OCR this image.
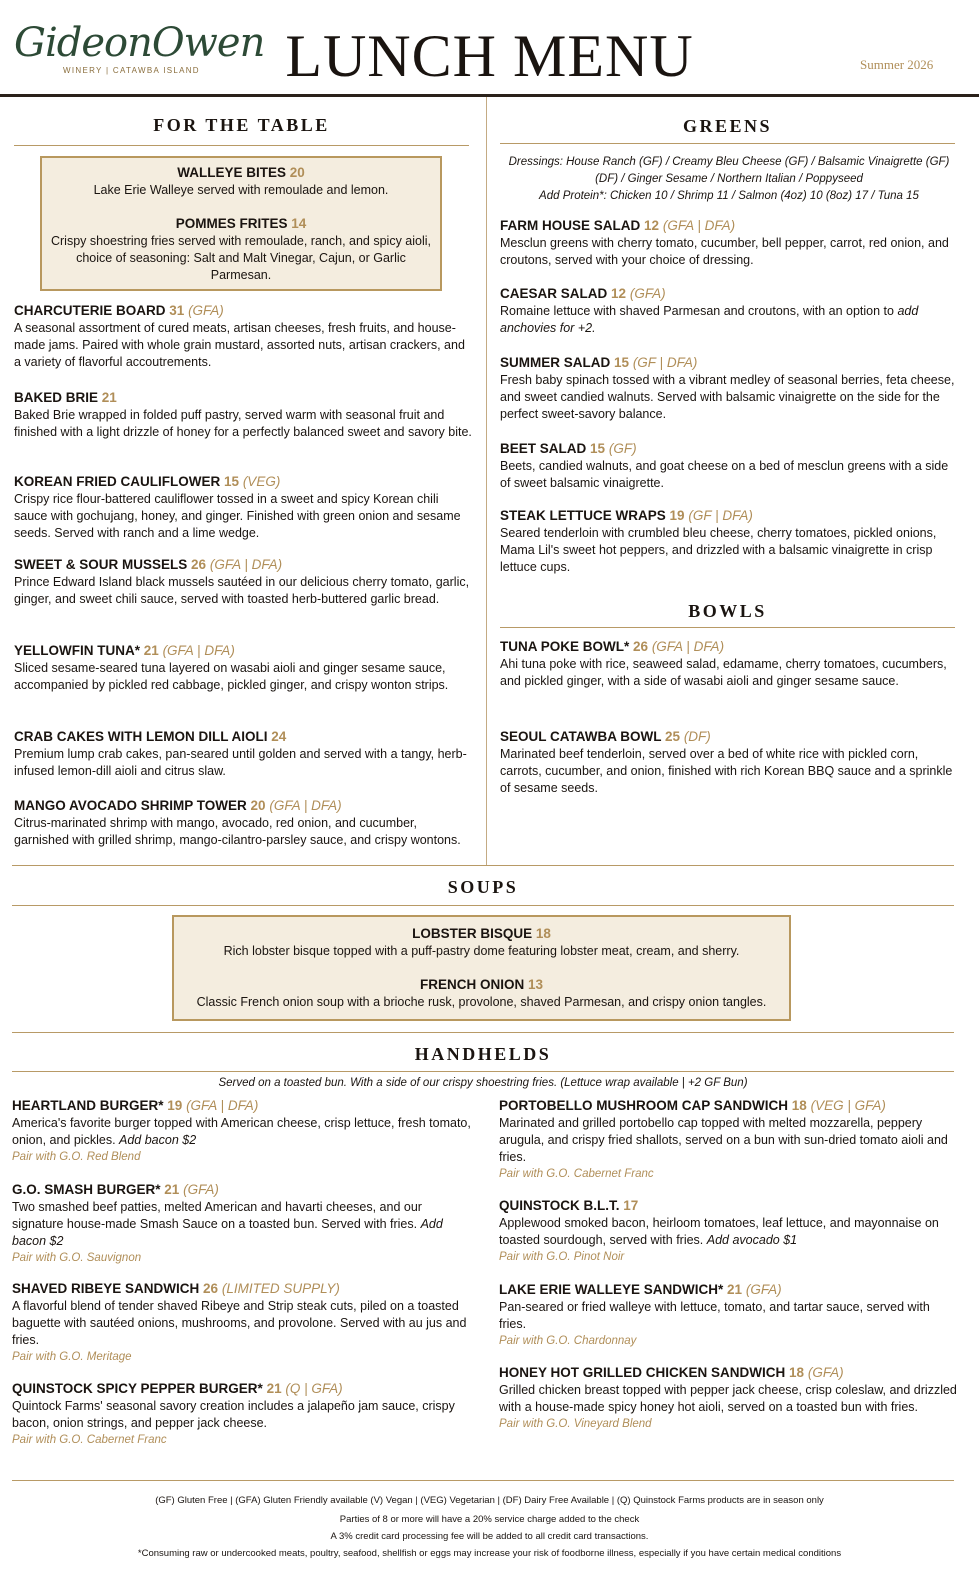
GideonOwen
WINERY | CATAWBA ISLAND	LUNCH MENU	Summer 2026
FOR THE TABLE
WALLEYE BITES 20
Lake Erie Walleye served with remoulade and lemon.
POMMES FRITES 14
Crispy shoestring fries served with remoulade, ranch, and spicy aioli, choice of seasoning: Salt and Malt Vinegar, Cajun, or Garlic Parmesan.
CHARCUTERIE BOARD 31 (GFA)
A seasonal assortment of cured meats, artisan cheeses, fresh fruits, and house-made jams. Paired with whole grain mustard, assorted nuts, artisan crackers, and a variety of flavorful accoutrements.
BAKED BRIE 21
Baked Brie wrapped in folded puff pastry, served warm with seasonal fruit and finished with a light drizzle of honey for a perfectly balanced sweet and savory bite.
KOREAN FRIED CAULIFLOWER 15 (VEG)
Crispy rice flour-battered cauliflower tossed in a sweet and spicy Korean chili sauce with gochujang, honey, and ginger. Finished with green onion and sesame seeds. Served with ranch and a lime wedge.
SWEET & SOUR MUSSELS 26 (GFA | DFA)
Prince Edward Island black mussels sautéed in our delicious cherry tomato, garlic, ginger, and sweet chili sauce, served with toasted herb-buttered garlic bread.
YELLOWFIN TUNA* 21 (GFA | DFA)
Sliced sesame-seared tuna layered on wasabi aioli and ginger sesame sauce, accompanied by pickled red cabbage, pickled ginger, and crispy wonton strips.
CRAB CAKES WITH LEMON DILL AIOLI 24
Premium lump crab cakes, pan-seared until golden and served with a tangy, herb-infused lemon-dill aioli and citrus slaw.
MANGO AVOCADO SHRIMP TOWER 20 (GFA | DFA)
Citrus-marinated shrimp with mango, avocado, red onion, and cucumber, garnished with grilled shrimp, mango-cilantro-parsley sauce, and crispy wontons.
GREENS
Dressings: House Ranch (GF) / Creamy Bleu Cheese (GF) / Balsamic Vinaigrette (GF)
(DF) / Ginger Sesame / Northern Italian / Poppyseed
Add Protein*: Chicken 10 / Shrimp 11 / Salmon (4oz) 10 (8oz) 17 / Tuna 15
FARM HOUSE SALAD 12 (GFA | DFA)
Mesclun greens with cherry tomato, cucumber, bell pepper, carrot, red onion, and croutons, served with your choice of dressing.
CAESAR SALAD 12 (GFA)
Romaine lettuce with shaved Parmesan and croutons, with an option to add anchovies for +2.
SUMMER SALAD 15 (GF | DFA)
Fresh baby spinach tossed with a vibrant medley of seasonal berries, feta cheese, and sweet candied walnuts. Served with balsamic vinaigrette on the side for the perfect sweet-savory balance.
BEET SALAD 15 (GF)
Beets, candied walnuts, and goat cheese on a bed of mesclun greens with a side of sweet balsamic vinaigrette.
STEAK LETTUCE WRAPS 19 (GF | DFA)
Seared tenderloin with crumbled bleu cheese, cherry tomatoes, pickled onions, Mama Lil's sweet hot peppers, and drizzled with a balsamic vinaigrette in crisp lettuce cups.
BOWLS
TUNA POKE BOWL* 26 (GFA | DFA)
Ahi tuna poke with rice, seaweed salad, edamame, cherry tomatoes, cucumbers, and pickled ginger, with a side of wasabi aioli and ginger sesame sauce.
SEOUL CATAWBA BOWL 25 (DF)
Marinated beef tenderloin, served over a bed of white rice with pickled corn, carrots, cucumber, and onion, finished with rich Korean BBQ sauce and a sprinkle of sesame seeds.
SOUPS
LOBSTER BISQUE 18
Rich lobster bisque topped with a puff-pastry dome featuring lobster meat, cream, and sherry.
FRENCH ONION 13
Classic French onion soup with a brioche rusk, provolone, shaved Parmesan, and crispy onion tangles.
HANDHELDS
Served on a toasted bun. With a side of our crispy shoestring fries. (Lettuce wrap available | +2 GF Bun)
HEARTLAND BURGER* 19 (GFA | DFA)
America's favorite burger topped with American cheese, crisp lettuce, fresh tomato, onion, and pickles. Add bacon $2
Pair with G.O. Red Blend
G.O. SMASH BURGER* 21 (GFA)
Two smashed beef patties, melted American and havarti cheeses, and our signature house-made Smash Sauce on a toasted bun. Served with fries. Add bacon $2
Pair with G.O. Sauvignon
SHAVED RIBEYE SANDWICH 26 (LIMITED SUPPLY)
A flavorful blend of tender shaved Ribeye and Strip steak cuts, piled on a toasted baguette with sautéed onions, mushrooms, and provolone. Served with au jus and fries.
Pair with G.O. Meritage
QUINSTOCK SPICY PEPPER BURGER* 21 (Q | GFA)
Quintock Farms' seasonal savory creation includes a jalapeño jam sauce, crispy bacon, onion strings, and pepper jack cheese.
Pair with G.O. Cabernet Franc
PORTOBELLO MUSHROOM CAP SANDWICH 18 (VEG | GFA)
Marinated and grilled portobello cap topped with melted mozzarella, peppery arugula, and crispy fried shallots, served on a bun with sun-dried tomato aioli and fries.
Pair with G.O. Cabernet Franc
QUINSTOCK B.L.T. 17
Applewood smoked bacon, heirloom tomatoes, leaf lettuce, and mayonnaise on toasted sourdough, served with fries. Add avocado $1
Pair with G.O. Pinot Noir
LAKE ERIE WALLEYE SANDWICH* 21 (GFA)
Pan-seared or fried walleye with lettuce, tomato, and tartar sauce, served with fries.
Pair with G.O. Chardonnay
HONEY HOT GRILLED CHICKEN SANDWICH 18 (GFA)
Grilled chicken breast topped with pepper jack cheese, crisp coleslaw, and drizzled with a house-made spicy honey hot aioli, served on a toasted bun with fries.
Pair with G.O. Vineyard Blend
(GF) Gluten Free | (GFA) Gluten Friendly available (V) Vegan | (VEG) Vegetarian | (DF) Dairy Free Available | (Q) Quinstock Farms products are in season only
Parties of 8 or more will have a 20% service charge added to the check
A 3% credit card processing fee will be added to all credit card transactions.
*Consuming raw or undercooked meats, poultry, seafood, shellfish or eggs may increase your risk of foodborne illness, especially if you have certain medical conditions
